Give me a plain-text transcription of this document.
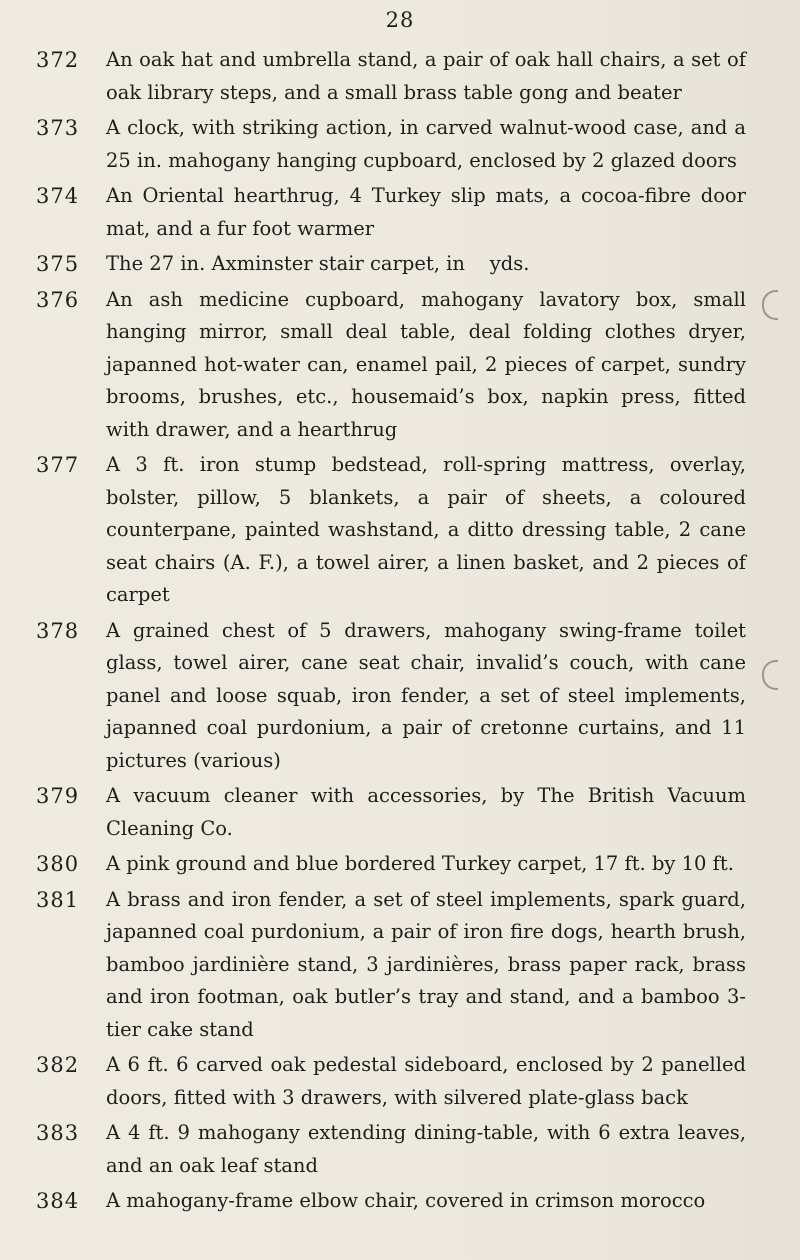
28
372	An oak hat and umbrella stand, a pair of oak hall chairs, a set of oak library steps, and a small brass table gong and beater
373	A clock, with striking action, in carved walnut-wood case, and a 25 in. mahogany hanging cupboard, enclosed by 2 glazed doors
374	An Oriental hearthrug, 4 Turkey slip mats, a cocoa-fibre door mat, and a fur foot warmer
375	The 27 in. Axminster stair carpet, in    yds.
376	An ash medicine cupboard, mahogany lavatory box, small hanging mirror, small deal table, deal folding clothes dryer, japanned hot-water can, enamel pail, 2 pieces of carpet, sundry brooms, brushes, etc., housemaid’s box, napkin press, fitted with drawer, and a hearthrug
377	A 3 ft. iron stump bedstead, roll-spring mattress, overlay, bolster, pillow, 5 blankets, a pair of sheets, a coloured counterpane, painted washstand, a ditto dressing table, 2 cane seat chairs (A. F.), a towel airer, a linen basket, and 2 pieces of carpet
378	A grained chest of 5 drawers, mahogany swing-frame toilet glass, towel airer, cane seat chair, invalid’s couch, with cane panel and loose squab, iron fender, a set of steel implements, japanned coal purdonium, a pair of cretonne curtains, and 11 pictures (various)
379	A vacuum cleaner with accessories, by The British Vacuum Cleaning Co.
380	A pink ground and blue bordered Turkey carpet, 17 ft. by 10 ft.
381	A brass and iron fender, a set of steel implements, spark guard, japanned coal purdonium, a pair of iron fire dogs, hearth brush, bamboo jardinière stand, 3 jardinières, brass paper rack, brass and iron footman, oak butler’s tray and stand, and a bamboo 3-tier cake stand
382	A 6 ft. 6 carved oak pedestal sideboard, enclosed by 2 panelled doors, fitted with 3 drawers, with silvered plate-glass back
383	A 4 ft. 9 mahogany extending dining-table, with 6 extra leaves, and an oak leaf stand
384	A mahogany-frame elbow chair, covered in crimson morocco
